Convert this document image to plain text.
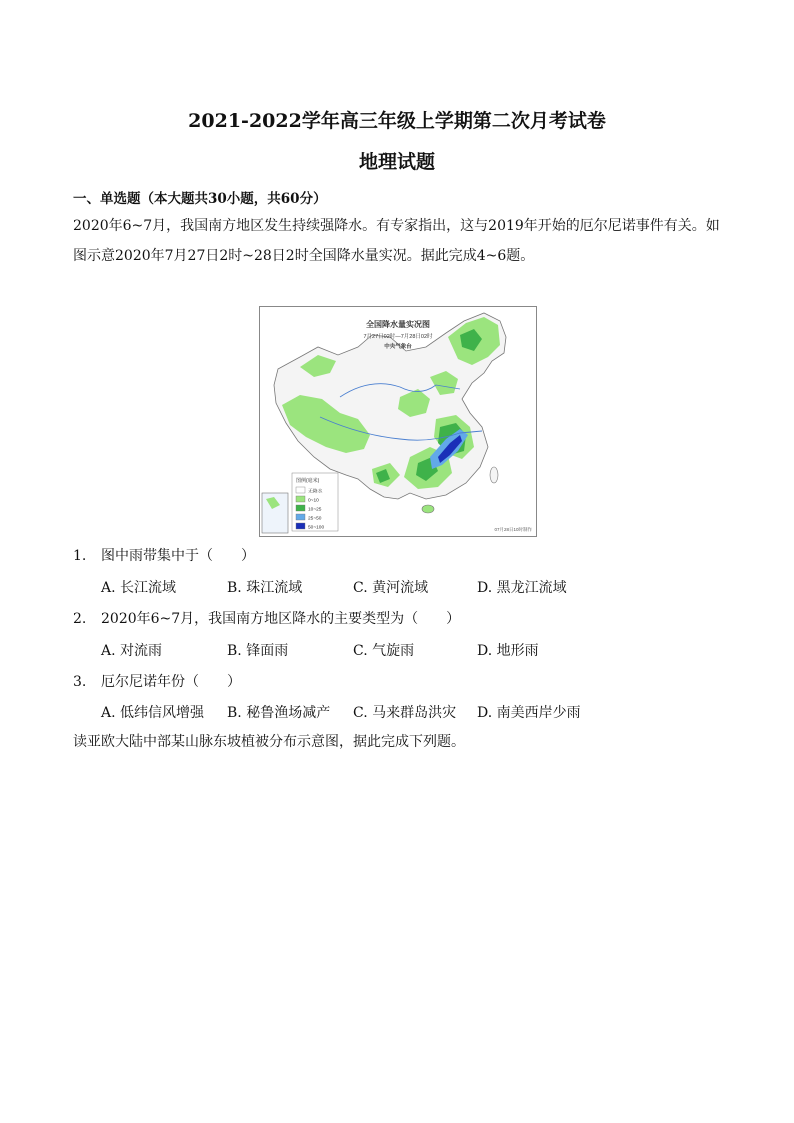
2021-2022学年高三年级上学期第二次月考试卷
地理试题
一、单选题（本大题共30小题，共60分）
2020年6~7月，我国南方地区发生持续强降水。有专家指出，这与2019年开始的厄尔尼诺事件有关。如图示意2020年7月27日2时~28日2时全国降水量实况。据此完成4~6题。
全国降水量实况图
7月27日02时—7月28日02时
中央气象台
图例(毫米)
无降水
0~10
10~25
25~50
50~100	07月28日10时制作
1. 图中雨带集中于（　　）
A. 长江流域	B. 珠江流域	C. 黄河流域	D. 黑龙江流域
2. 2020年6~7月，我国南方地区降水的主要类型为（　　）
A. 对流雨	B. 锋面雨	C. 气旋雨	D. 地形雨
3. 厄尔尼诺年份（　　）
A. 低纬信风增强 B. 秘鲁渔场减产 C. 马来群岛洪灾 D. 南美西岸少雨
读亚欧大陆中部某山脉东坡植被分布示意图，据此完成下列题。
